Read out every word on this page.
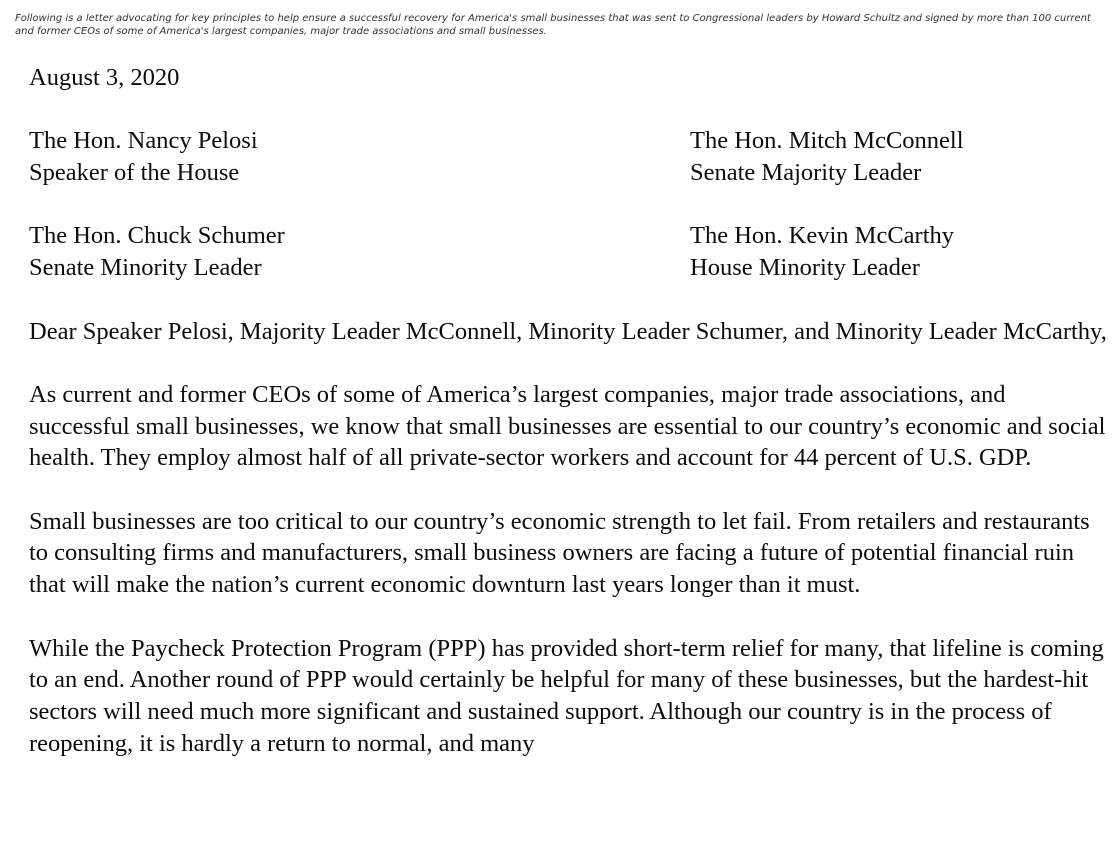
Following is a letter advocating for key principles to help ensure a successful recovery for America's small businesses that was sent to Congressional leaders by Howard Schultz and signed by more than 100 current and former CEOs of some of America's largest companies, major trade associations and small businesses.

August 3, 2020

The Hon. Nancy Pelosi
Speaker of the House
The Hon. Mitch McConnell
Senate Majority Leader
The Hon. Chuck Schumer
Senate Minority Leader
The Hon. Kevin McCarthy
House Minority Leader

Dear Speaker Pelosi, Majority Leader McConnell, Minority Leader Schumer, and Minority Leader McCarthy,

As current and former CEOs of some of America’s largest companies, major trade associations, and successful small businesses, we know that small businesses are essential to our country’s economic and social health. They employ almost half of all private-sector workers and account for 44 percent of U.S. GDP.

Small businesses are too critical to our country’s economic strength to let fail. From retailers and restaurants to consulting firms and manufacturers, small business owners are facing a future of potential financial ruin that will make the nation’s current economic downturn last years longer than it must.

While the Paycheck Protection Program (PPP) has provided short-term relief for many, that lifeline is coming to an end. Another round of PPP would certainly be helpful for many of these businesses, but the hardest-hit sectors will need much more significant and sustained support. Although our country is in the process of reopening, it is hardly a return to normal, and many
